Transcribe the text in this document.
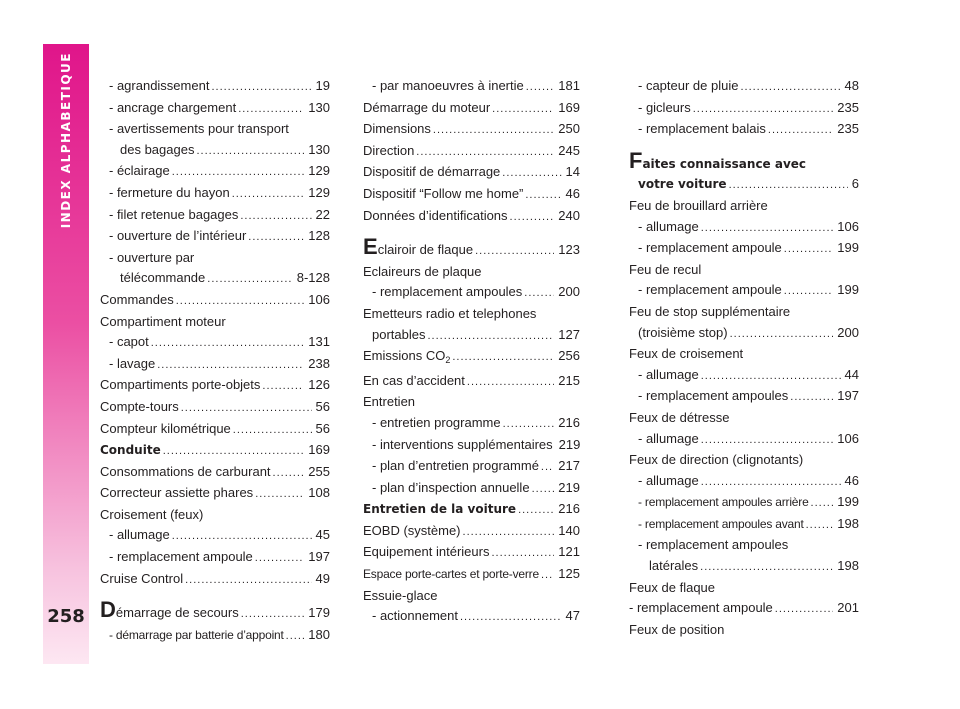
INDEX ALPHABETIQUE
258
- agrandissement .....	19
- ancrage chargement .....	130
- avertissements pour transport
des bagages .....	130
- éclairage .....	129
- fermeture du hayon .....	129
- filet retenue bagages .....	22
- ouverture de l’intérieur .....	128
- ouverture par
télécommande .....	8-128
Commandes .....	106
Compartiment moteur
- capot .....	131
- lavage .....	238
Compartiments porte-objets .....	126
Compte-tours .....	56
Compteur kilométrique .....	56
Conduite .....	169
Consommations de carburant .....	255
Correcteur assiette phares .....	108
Croisement (feux)
- allumage .....	45
- remplacement ampoule .....	197
Cruise Control .....	49
Démarrage de secours .....	179
- démarrage par batterie d’appoint ..... 180
- par manoeuvres à inertie .....	181
Démarrage du moteur .....	169
Dimensions .....	250
Direction .....	245
Dispositif de démarrage .....	14
Dispositif “Follow me home” .....	46
Données d’identifications .....	240
Eclairoir de flaque .....	123
Eclaireurs de plaque
- remplacement ampoules .....	200
Emetteurs radio et telephones
portables .....	127
Emissions $CO_2$ .....	256
En cas d’accident .....	215
Entretien
- entretien programme .....	216
- interventions supplémentaires 219
- plan d’entretien programmé ..... 217
- plan d’inspection annuelle ..... 219
Entretien de la voiture .....	216
EOBD (système) .....	140
Equipement intérieurs .....	121
Espace porte-cartes et porte-verre ..... 125
Essuie-glace
- actionnement .....	47
- capteur de pluie .....	48
- gicleurs .....	235
- remplacement balais .....	235
Faites connaissance avec
votre voiture .....	6
Feu de brouillard arrière
- allumage .....	106
- remplacement ampoule .....	199
Feu de recul
- remplacement ampoule .....	199
Feu de stop supplémentaire
(troisième stop) .....	200
Feux de croisement
- allumage .....	44
- remplacement ampoules .....	197
Feux de détresse
- allumage .....	106
Feux de direction (clignotants)
- allumage .....	46
- remplacement ampoules arrière ..... 199
- remplacement ampoules avant .....	198
- remplacement ampoules
latérales .....	198
Feux de flaque
- remplacement ampoule .....	201
Feux de position
